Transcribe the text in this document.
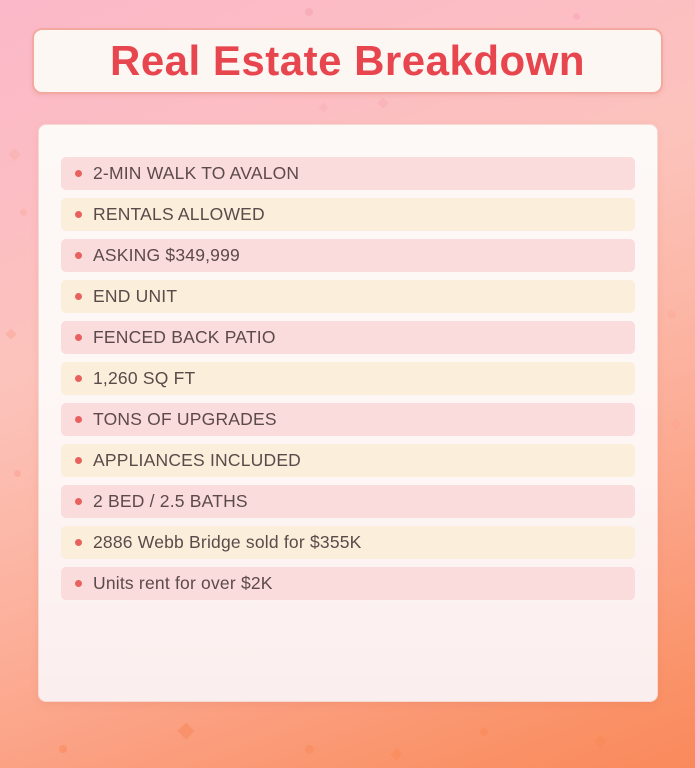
Real Estate Breakdown
2-MIN WALK TO AVALON
RENTALS ALLOWED
ASKING $349,999
END UNIT
FENCED BACK PATIO
1,260 SQ FT
TONS OF UPGRADES
APPLIANCES INCLUDED
2 BED / 2.5 BATHS
2886 Webb Bridge sold for $355K
Units rent for over $2K
